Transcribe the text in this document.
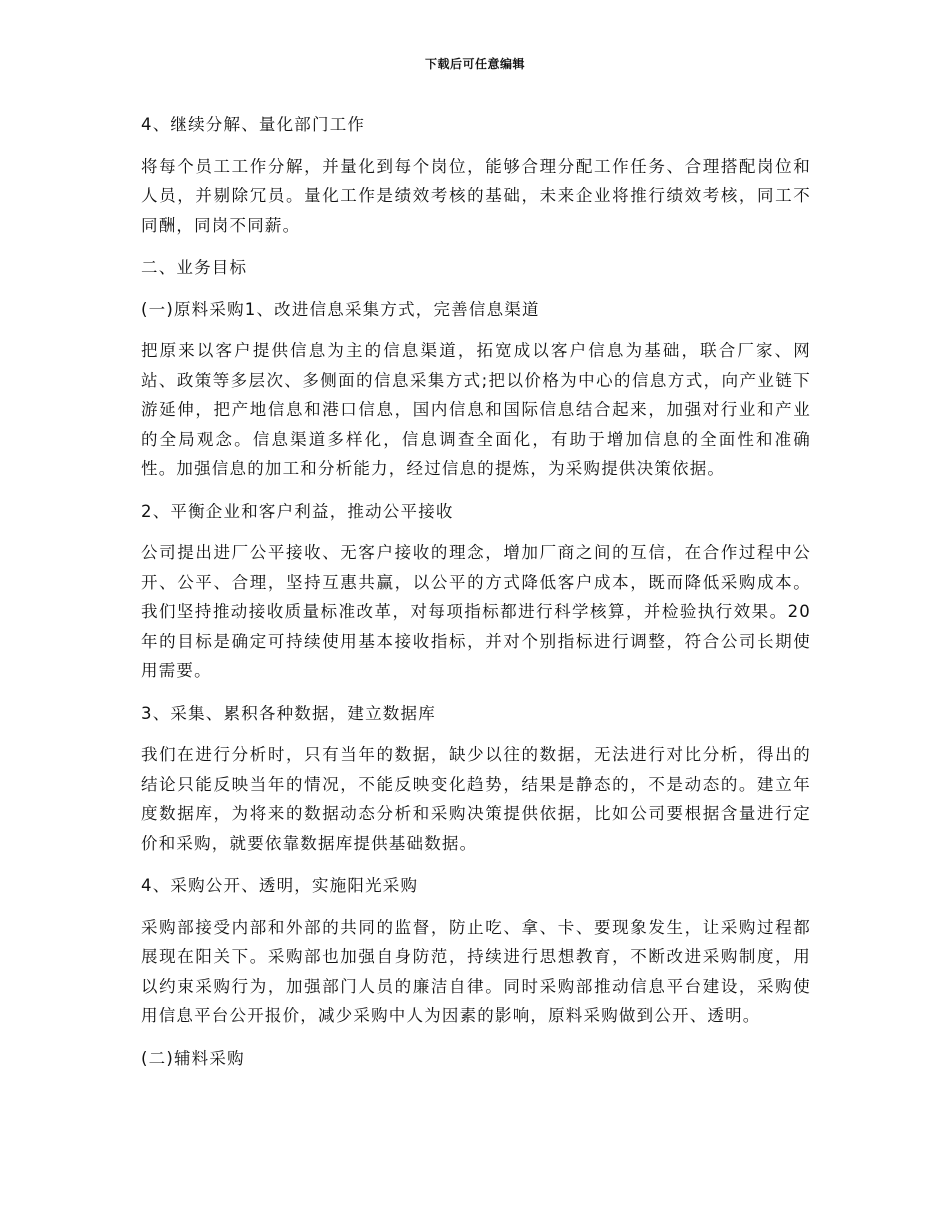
下载后可任意编辑

4、继续分解、量化部门工作

将每个员工工作分解，并量化到每个岗位，能够合理分配工作任务、合理搭配岗位和人员，并剔除冗员。量化工作是绩效考核的基础，未来企业将推行绩效考核，同工不同酬，同岗不同薪。

二、业务目标

(一)原料采购1、改进信息采集方式，完善信息渠道

把原来以客户提供信息为主的信息渠道，拓宽成以客户信息为基础，联合厂家、网站、政策等多层次、多侧面的信息采集方式;把以价格为中心的信息方式，向产业链下游延伸，把产地信息和港口信息，国内信息和国际信息结合起来，加强对行业和产业的全局观念。信息渠道多样化，信息调查全面化，有助于增加信息的全面性和准确性。加强信息的加工和分析能力，经过信息的提炼，为采购提供决策依据。

2、平衡企业和客户利益，推动公平接收

公司提出进厂公平接收、无客户接收的理念，增加厂商之间的互信，在合作过程中公开、公平、合理，坚持互惠共赢，以公平的方式降低客户成本，既而降低采购成本。我们坚持推动接收质量标准改革，对每项指标都进行科学核算，并检验执行效果。20年的目标是确定可持续使用基本接收指标，并对个别指标进行调整，符合公司长期使用需要。

3、采集、累积各种数据，建立数据库

我们在进行分析时，只有当年的数据，缺少以往的数据，无法进行对比分析，得出的结论只能反映当年的情况，不能反映变化趋势，结果是静态的，不是动态的。建立年度数据库，为将来的数据动态分析和采购决策提供依据，比如公司要根据含量进行定价和采购，就要依靠数据库提供基础数据。

4、采购公开、透明，实施阳光采购

采购部接受内部和外部的共同的监督，防止吃、拿、卡、要现象发生，让采购过程都展现在阳关下。采购部也加强自身防范，持续进行思想教育，不断改进采购制度，用以约束采购行为，加强部门人员的廉洁自律。同时采购部推动信息平台建设，采购使用信息平台公开报价，减少采购中人为因素的影响，原料采购做到公开、透明。

(二)辅料采购
